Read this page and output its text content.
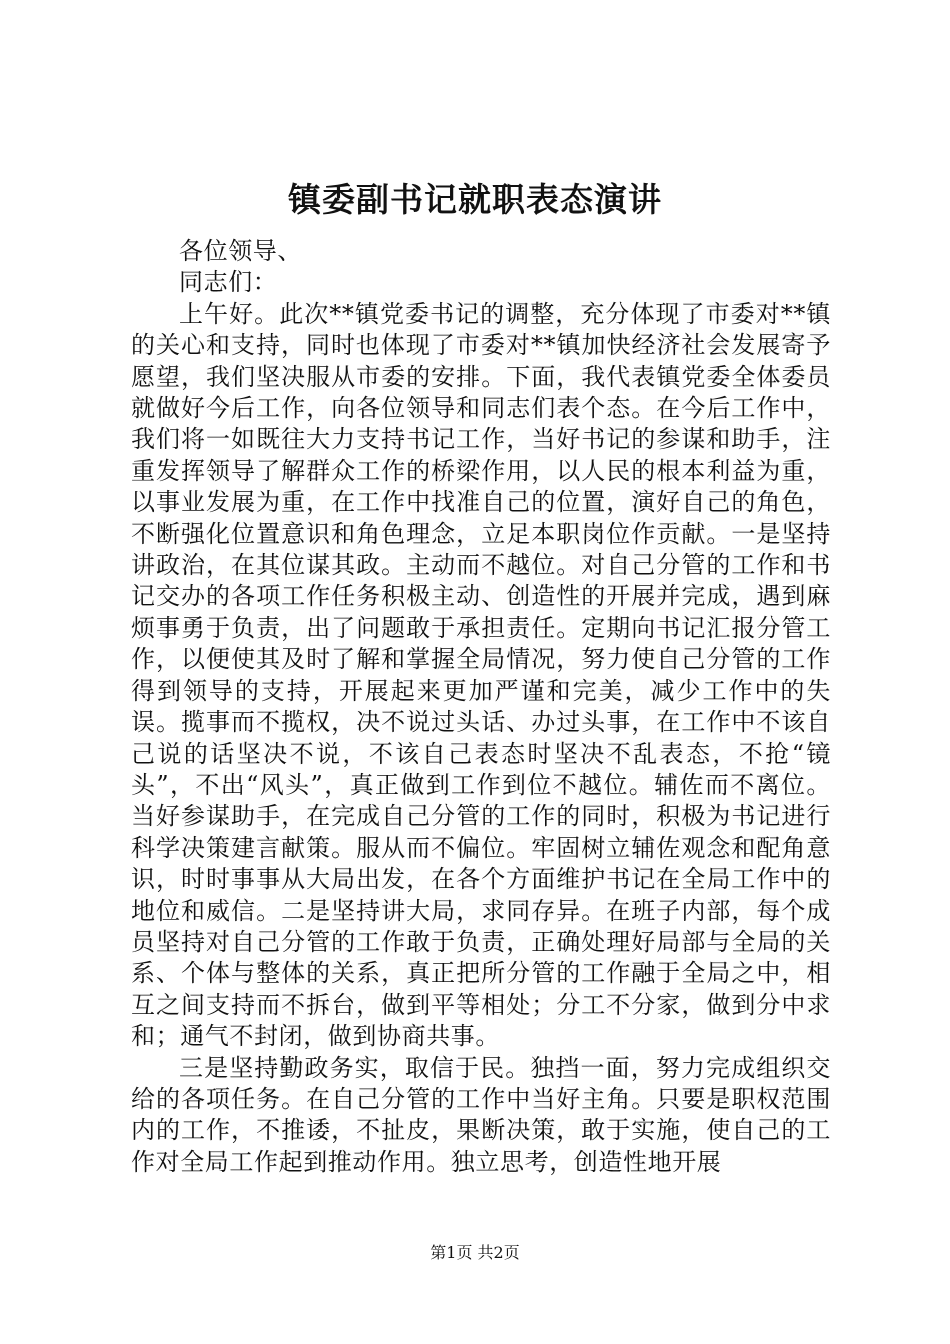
镇委副书记就职表态演讲

各位领导、

同志们：

上午好。此次**镇党委书记的调整，充分体现了市委对**镇的关心和支持，同时也体现了市委对**镇加快经济社会发展寄予愿望，我们坚决服从市委的安排。下面，我代表镇党委全体委员就做好今后工作，向各位领导和同志们表个态。在今后工作中，我们将一如既往大力支持书记工作，当好书记的参谋和助手，注重发挥领导了解群众工作的桥梁作用，以人民的根本利益为重，以事业发展为重，在工作中找准自己的位置，演好自己的角色，不断强化位置意识和角色理念，立足本职岗位作贡献。一是坚持讲政治，在其位谋其政。主动而不越位。对自己分管的工作和书记交办的各项工作任务积极主动、创造性的开展并完成，遇到麻烦事勇于负责，出了问题敢于承担责任。定期向书记汇报分管工作，以便使其及时了解和掌握全局情况，努力使自己分管的工作得到领导的支持，开展起来更加严谨和完美，减少工作中的失误。揽事而不揽权，决不说过头话、办过头事，在工作中不该自己说的话坚决不说，不该自己表态时坚决不乱表态，不抢“镜头”，不出“风头”，真正做到工作到位不越位。辅佐而不离位。当好参谋助手，在完成自己分管的工作的同时，积极为书记进行科学决策建言献策。服从而不偏位。牢固树立辅佐观念和配角意识，时时事事从大局出发，在各个方面维护书记在全局工作中的地位和威信。二是坚持讲大局，求同存异。在班子内部，每个成员坚持对自己分管的工作敢于负责，正确处理好局部与全局的关系、个体与整体的关系，真正把所分管的工作融于全局之中，相互之间支持而不拆台，做到平等相处；分工不分家，做到分中求和；通气不封闭，做到协商共事。

三是坚持勤政务实，取信于民。独挡一面，努力完成组织交给的各项任务。在自己分管的工作中当好主角。只要是职权范围内的工作，不推诿，不扯皮，果断决策，敢于实施，使自己的工作对全局工作起到推动作用。独立思考，创造性地开展

第1页 共2页
